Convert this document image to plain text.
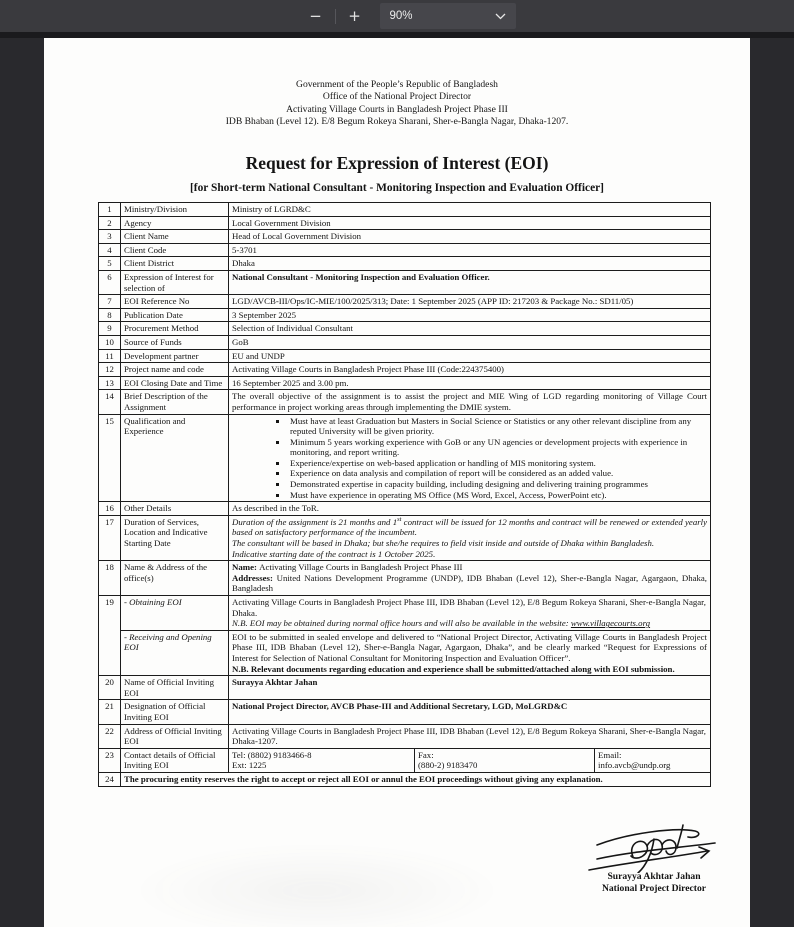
− + 90%
Government of the People’s Republic of Bangladesh
Office of the National Project Director
Activating Village Courts in Bangladesh Project Phase III
IDB Bhaban (Level 12). E/8 Begum Rokeya Sharani, Sher-e-Bangla Nagar, Dhaka-1207.
Request for Expression of Interest (EOI)
[for Short-term National Consultant - Monitoring Inspection and Evaluation Officer]
1	Ministry/Division	Ministry of LGRD&C		
2	Agency	Local Government Division		
3	Client Name	Head of Local Government Division		
4	Client Code	5-3701		
5	Client District	Dhaka		
6	Expression of Interest for selection of	National Consultant - Monitoring Inspection and Evaluation Officer.		
7	EOI Reference No	LGD/AVCB-III/Ops/IC-MIE/100/2025/313; Date: 1 September 2025 (APP ID: 217203 & Package No.: SD11/05)		
8	Publication Date	3 September 2025		
9	Procurement Method	Selection of Individual Consultant		
10	Source of Funds	GoB		
11	Development partner	EU and UNDP		
12	Project name and code	Activating Village Courts in Bangladesh Project Phase III (Code:224375400)		
13	EOI Closing Date and Time	16 September 2025 and 3.00 pm.		
14	Brief Description of the Assignment	The overall objective of the assignment is to assist the project and MIE Wing of LGD regarding monitoring of Village Court performance in project working areas through implementing the DMIE system.		
15	Qualification and Experience	
▪ Must have at least Graduation but Masters in Social Science or Statistics or any other relevant discipline from any reputed University will be given priority.
▪ Minimum 5 years working experience with GoB or any UN agencies or development projects with experience in monitoring, and report writing.
▪ Experience/expertise on web-based application or handling of MIS monitoring system.
▪ Experience on data analysis and compilation of report will be considered as an added value.
▪ Demonstrated expertise in capacity building, including designing and delivering training programmes
▪ Must have experience in operating MS Office (MS Word, Excel, Access, PowerPoint etc).

16	Other Details	As described in the ToR.		
17	Duration of Services, Location and Indicative Starting Date	Duration of the assignment is 21 months and 1st contract will be issued for 12 months and contract will be renewed or extended yearly based on satisfactory performance of the incumbent.
The consultant will be based in Dhaka; but she/he requires to field visit inside and outside of Dhaka within Bangladesh.
Indicative starting date of the contract is 1 October 2025.		

18	Name & Address of the office(s)	Name: Activating Village Courts in Bangladesh Project Phase III
Addresses: United Nations Development Programme (UNDP), IDB Bhaban (Level 12), Sher-e-Bangla Nagar, Agargaon, Dhaka, Bangladesh		

19	- Obtaining EOI	Activating Village Courts in Bangladesh Project Phase III, IDB Bhaban (Level 12), E/8 Begum Rokeya Sharani, Sher-e-Bangla Nagar, Dhaka.
N.B. EOI may be obtained during normal office hours and will also be available in the website: www.villagecourts.org		

	- Receiving and Opening EOI	EOI to be submitted in sealed envelope and delivered to “National Project Director, Activating Village Courts in Bangladesh Project Phase III, IDB Bhaban (Level 12), Sher-e-Bangla Nagar, Agargaon, Dhaka”, and be clearly marked “Request for Expressions of Interest for Selection of National Consultant for Monitoring Inspection and Evaluation Officer”.
N.B. Relevant documents regarding education and experience shall be submitted/attached along with EOI submission.		

20	Name of Official Inviting EOI	Surayya Akhtar Jahan		
21	Designation of Official Inviting EOI	National Project Director, AVCB Phase-III and Additional Secretary, LGD, MoLGRD&C		
22	Address of Official Inviting EOI	Activating Village Courts in Bangladesh Project Phase III, IDB Bhaban (Level 12), E/8 Begum Rokeya Sharani, Sher-e-Bangla Nagar, Dhaka-1207.		
23	Contact details of Official Inviting EOI	
Tel: (8802) 9183466-8
Ext: 1225

Fax:
(880-2) 9183470

Email:
info.avcb@undp.org

24	The procuring entity reserves the right to accept or reject all EOI or annul the EOI proceedings without giving any explanation.			
Surayya Akhtar Jahan
National Project Director
